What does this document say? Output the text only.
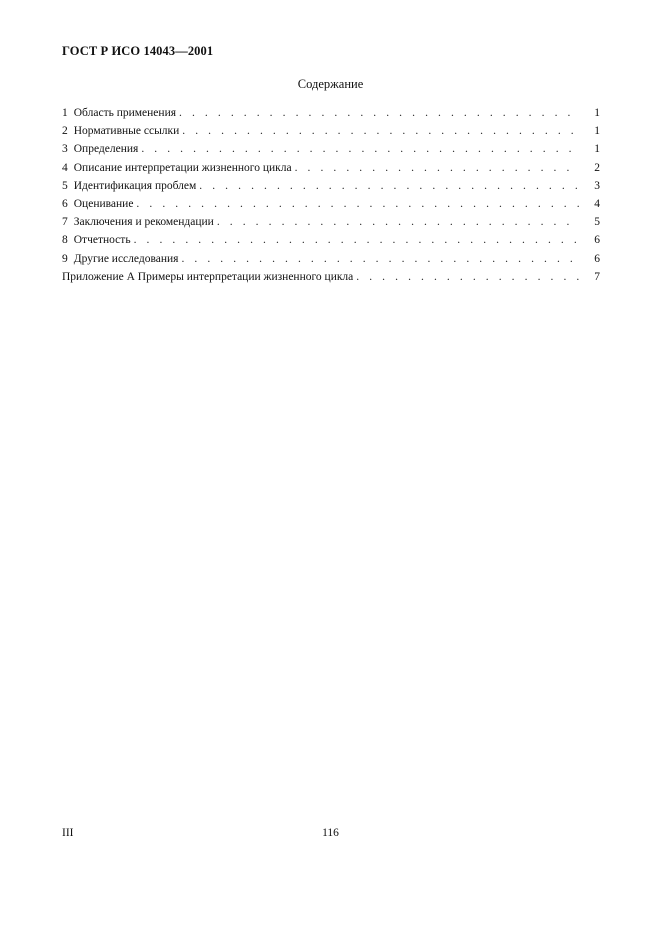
ГОСТ Р ИСО 14043—2001
Содержание
1 Область применения . . .	1
2 Нормативные ссылки . . .	1
3 Определения . . .	1
4 Описание интерпретации жизненного цикла . . .	2
5 Идентификация проблем . . .	3
6 Оценивание . . .	4
7 Заключения и рекомендации . . .	5
8 Отчетность . . .	6
9 Другие исследования . . .	6
Приложение А Примеры интерпретации жизненного цикла . . .	7
III	116
